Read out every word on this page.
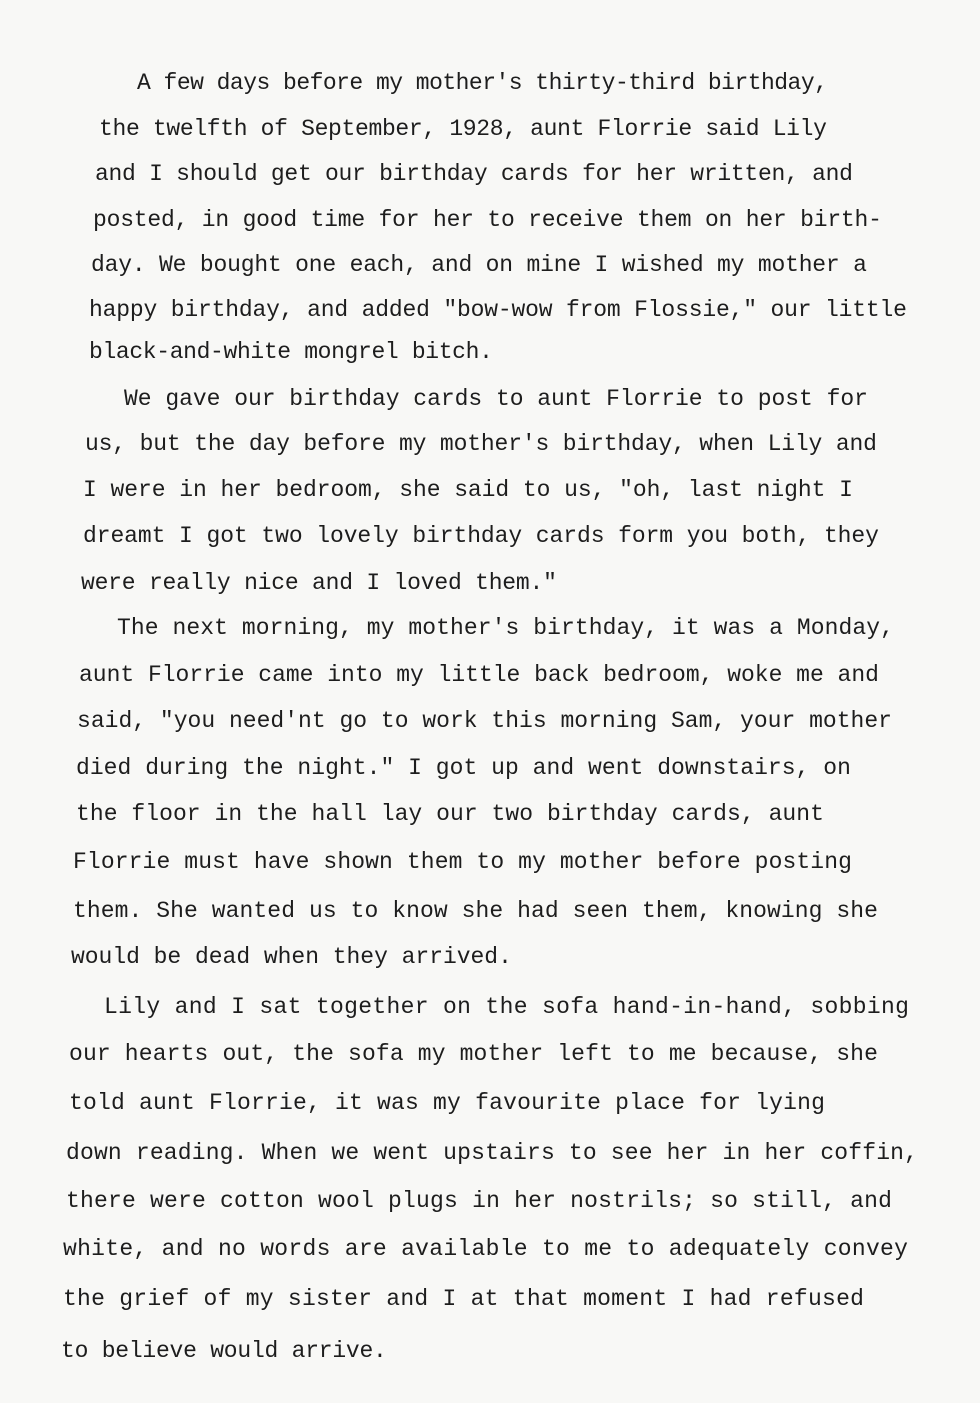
A few days before my mother's thirty-third birthday,
the twelfth of September, 1928, aunt Florrie said Lily
and I should get our birthday cards for her written, and
posted, in good time for her to receive them on her birth-
day. We bought one each, and on mine I wished my mother a
happy birthday, and added "bow-wow from Flossie," our little
black-and-white mongrel bitch.
We gave our birthday cards to aunt Florrie to post for
us, but the day before my mother's birthday, when Lily and
I were in her bedroom, she said to us, "oh, last night I
dreamt I got two lovely birthday cards form you both, they
were really nice and I loved them."
The next morning, my mother's birthday, it was a Monday,
aunt Florrie came into my little back bedroom, woke me and
said, "you need'nt go to work this morning Sam, your mother
died during the night." I got up and went downstairs, on
the floor in the hall lay our two birthday cards, aunt
Florrie must have shown them to my mother before posting
them. She wanted us to know she had seen them, knowing she
would be dead when they arrived.
Lily and I sat together on the sofa hand-in-hand, sobbing
our hearts out, the sofa my mother left to me because, she
told aunt Florrie, it was my favourite place for lying
down reading. When we went upstairs to see her in her coffin,
there were cotton wool plugs in her nostrils; so still, and
white, and no words are available to me to adequately convey
the grief of my sister and I at that moment I had refused
to believe would arrive.
